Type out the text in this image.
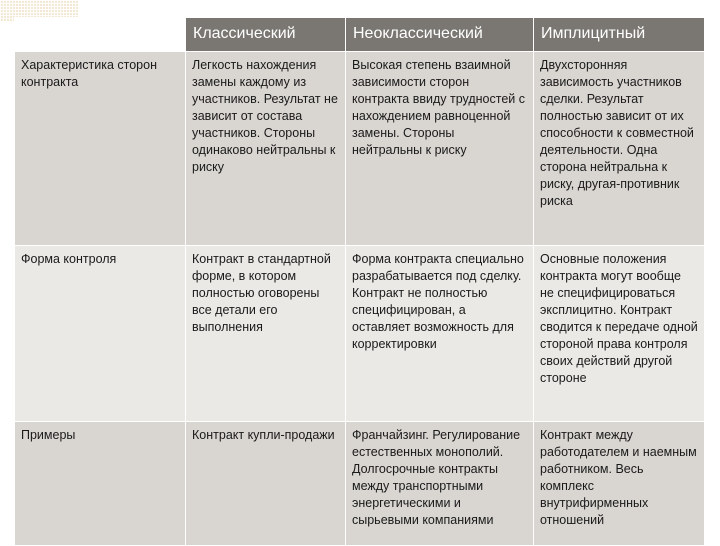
	Классический	Неоклассический	Имплицитный
Характеристика сторон контракта	Легкость нахождения замены каждому из участников. Результат не зависит от состава участников. Стороны одинаково нейтральны к риску	Высокая степень взаимной зависимости сторон контракта ввиду трудностей с нахождением равноценной замены. Стороны нейтральны к риску	Двухсторонняя зависимость участников сделки. Результат полностью зависит от их способности к совместной деятельности. Одна сторона нейтральна к риску, другая-противник риска
Форма контроля	Контракт в стандартной форме, в котором полностью оговорены все детали его выполнения	Форма контракта специально разрабатывается под сделку. Контракт не полностью специфицирован, а оставляет возможность для корректировки	Основные положения контракта могут вообще не специфицироваться эксплицитно. Контракт сводится к передаче одной стороной права контроля своих действий другой стороне
Примеры	Контракт купли-продажи	Франчайзинг. Регулирование естественных монополий. Долгосрочные контракты между транспортными энергетическими и сырьевыми компаниями	Контракт между работодателем и наемным работником. Весь комплекс внутрифирменных отношений
